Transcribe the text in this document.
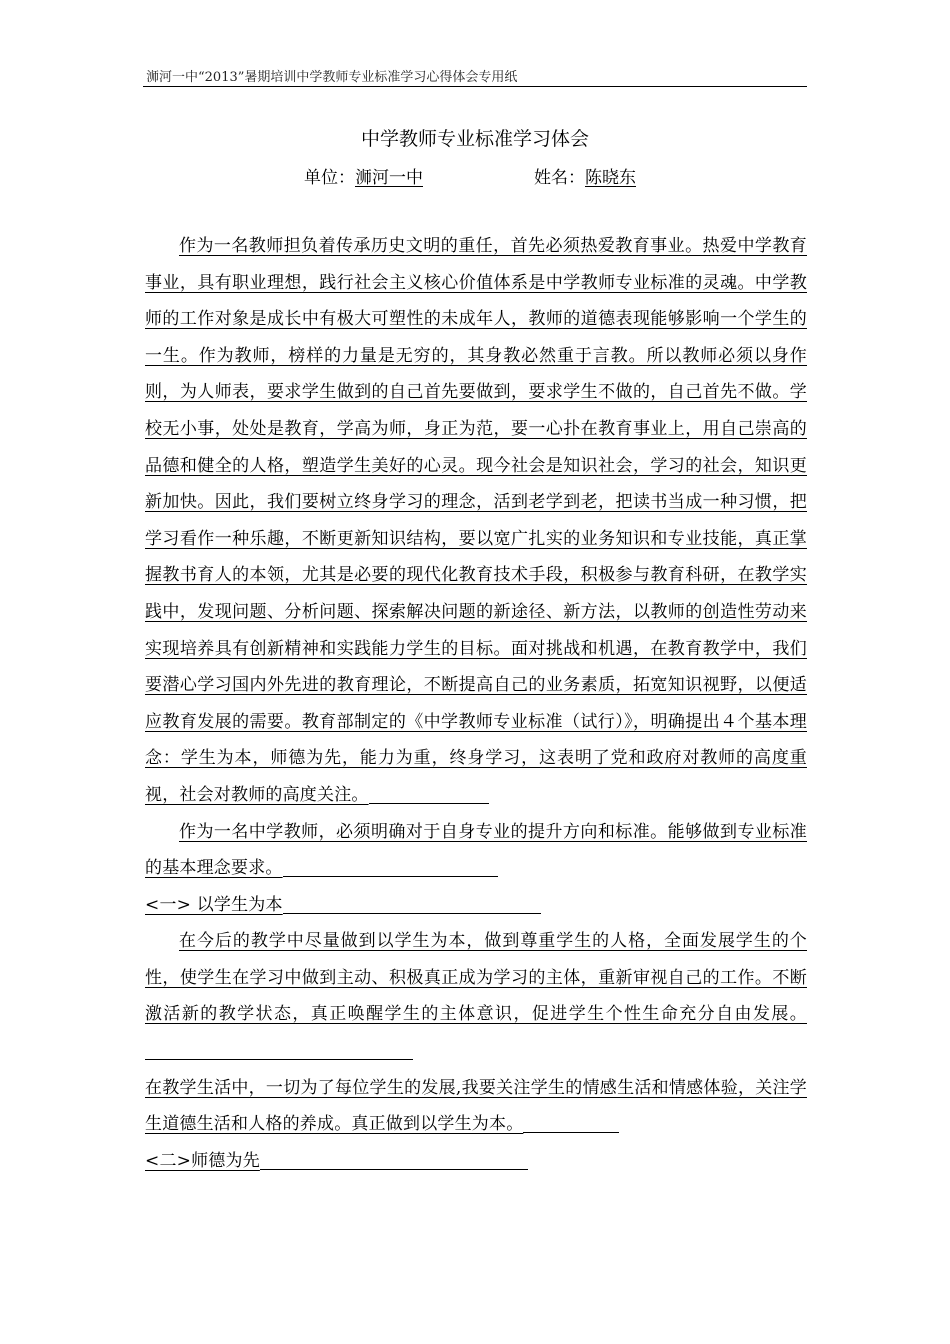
浉河一中“2013”暑期培训中学教师专业标准学习心得体会专用纸
中学教师专业标准学习体会
单位：浉河一中	姓名：陈晓东

作为一名教师担负着传承历史文明的重任，首先必须热爱教育事业。热爱中学教育事业，具有职业理想，践行社会主义核心价值体系是中学教师专业标准的灵魂。中学教师的工作对象是成长中有极大可塑性的未成年人，教师的道德表现能够影响一个学生的一生。作为教师，榜样的力量是无穷的，其身教必然重于言教。所以教师必须以身作则，为人师表，要求学生做到的自己首先要做到，要求学生不做的，自己首先不做。学校无小事，处处是教育，学高为师，身正为范，要一心扑在教育事业上，用自己崇高的品德和健全的人格，塑造学生美好的心灵。现今社会是知识社会，学习的社会，知识更新加快。因此，我们要树立终身学习的理念，活到老学到老，把读书当成一种习惯，把学习看作一种乐趣，不断更新知识结构，要以宽广扎实的业务知识和专业技能，真正掌握教书育人的本领，尤其是必要的现代化教育技术手段，积极参与教育科研，在教学实践中，发现问题、分析问题、探索解决问题的新途径、新方法，以教师的创造性劳动来实现培养具有创新精神和实践能力学生的目标。面对挑战和机遇，在教育教学中，我们要潜心学习国内外先进的教育理论，不断提高自己的业务素质，拓宽知识视野，以便适应教育发展的需要。教育部制定的《中学教师专业标准（试行）》，明确提出４个基本理念：学生为本，师德为先，能力为重，终身学习，这表明了党和政府对教师的高度重视，社会对教师的高度关注。

作为一名中学教师，必须明确对于自身专业的提升方向和标准。能够做到专业标准的基本理念要求。

<一> 以学生为本

在今后的教学中尽量做到以学生为本，做到尊重学生的人格，全面发展学生的个性，使学生在学习中做到主动、积极真正成为学习的主体，重新审视自己的工作。不断激活新的教学状态，真正唤醒学生的主体意识，促进学生个性生命充分自由发展。

在教学生活中，一切为了每位学生的发展,我要关注学生的情感生活和情感体验，关注学生道德生活和人格的养成。真正做到以学生为本。

<二>师德为先
